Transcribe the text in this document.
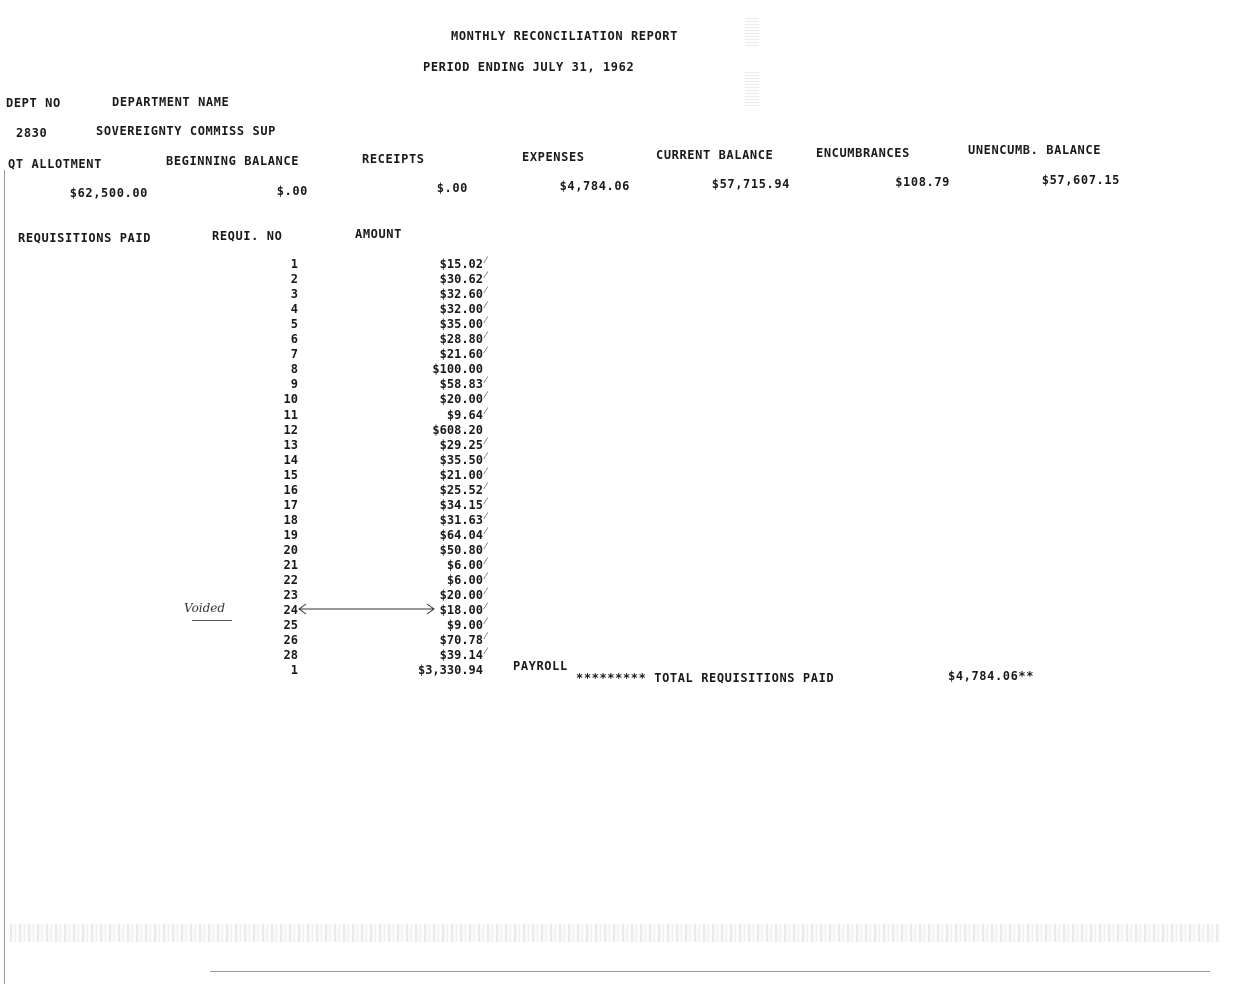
MONTHLY RECONCILIATION REPORT
PERIOD ENDING JULY 31, 1962
DEPT NO	DEPARTMENT NAME
2830	SOVEREIGNTY COMMISS SUP
QT ALLOTMENT	BEGINNING BALANCE	RECEIPTS	EXPENSES	CURRENT BALANCE	ENCUMBRANCES	UNENCUMB. BALANCE
$62,500.00	$.00	$.00	$4,784.06	$57,715.94	$108.79	$57,607.15
REQUISITIONS PAID	REQUI. NO	AMOUNT
1	$15.02 ⁄
2	$30.62 ⁄
3	$32.60 ⁄
4	$32.00 ⁄
5	$35.00 ⁄
6	$28.80 ⁄
7	$21.60 ⁄
8	$100.00
9	$58.83 ⁄
10	$20.00 ⁄
11	$9.64 ⁄
12	$608.20
13	$29.25 ⁄
14	$35.50 ⁄
15	$21.00 ⁄
16	$25.52 ⁄
17	$34.15 ⁄
18	$31.63 ⁄
19	$64.04 ⁄
20	$50.80 ⁄
21	$6.00 ⁄
22	$6.00 ⁄
23	$20.00 ⁄
24	$18.00 ⁄
25	$9.00 ⁄
26	$70.78 ⁄
28	$39.14 ⁄
1	$3,330.94
Voided
PAYROLL
********* TOTAL REQUISITIONS PAID	$4,784.06**
